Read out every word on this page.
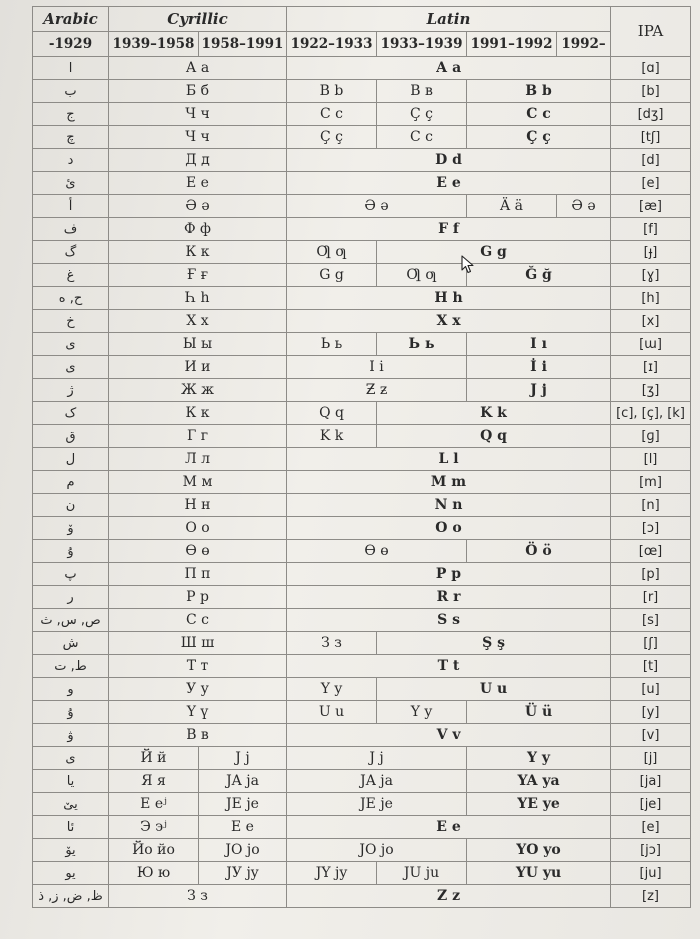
Arabic	Cyrillic		Latin				IPA
-1929	1939–1958	1958–1991	1922–1933	1933–1939	1991–1992	1992–	
ا	А а		А а				[ɑ]
ب	Б б		B b	В в	B b		[b]
ج	Ч ч		C c	Ç ç	C c		[dʒ]
چ	Ч ч		Ç ç	C c	Ç ç		[tʃ]
د	Д д		D d				[d]
ئ	Е е		E e				[e]
أ	Ә ә		Ə ə		Ä ä	Ə ə	[æ]
ف	Ф ф		F f				[f]
گ	К к		Ƣ ƣ	G g			[ɟ]
غ	Ғ ғ		G g	Ƣ ƣ	Ğ ğ		[ɣ]
ح, ه	Һ һ		H h				[h]
خ	Х х		X x				[x]
ى	Ы ы		Ь ь	Ь ь	I ı		[ɯ]
ی	И и		I i		İ i		[ɪ]
ژ	Ж ж		Ƶ ƶ		J j		[ʒ]
ک	К к		Q q	K k			[c], [ç], [k]
ق	Г г		K k	Q q			[ɡ]
ل	Л л		L l				[l]
م	М м		M m				[m]
ن	Н н		N n				[n]
ۆ	О о		O o				[ɔ]
ۇ	Ө ө		Ɵ ɵ		Ö ö		[œ]
پ	П п		P p				[p]
ر	Р р		R r				[r]
ص, س, ث	С с		S s				[s]
ش	Ш ш		З з	Ş ş			[ʃ]
ط, ت	Т т		T t				[t]
و	У у		Y y	U u			[u]
ۇ	Ү ү		U u	Y y	Ü ü		[y]
ۋ	В в		V v				[v]
ی	Й й	J j	J j		Y y		[j]
یا	Я я	JA ja	JA ja		YA ya		[ja]
یێ	Е еʲ	JE je	JE je		YE ye		[je]
ئا	Э эʲ	E e	E e				[e]
یۆ	Йо йо	JO jo	JO jo		YO yo		[jɔ]
یو	Ю ю	JУ jy	JY jy	JU ju	YU yu		[ju]
ظ, ض, ز, ذ	З з		Z z				[z]
